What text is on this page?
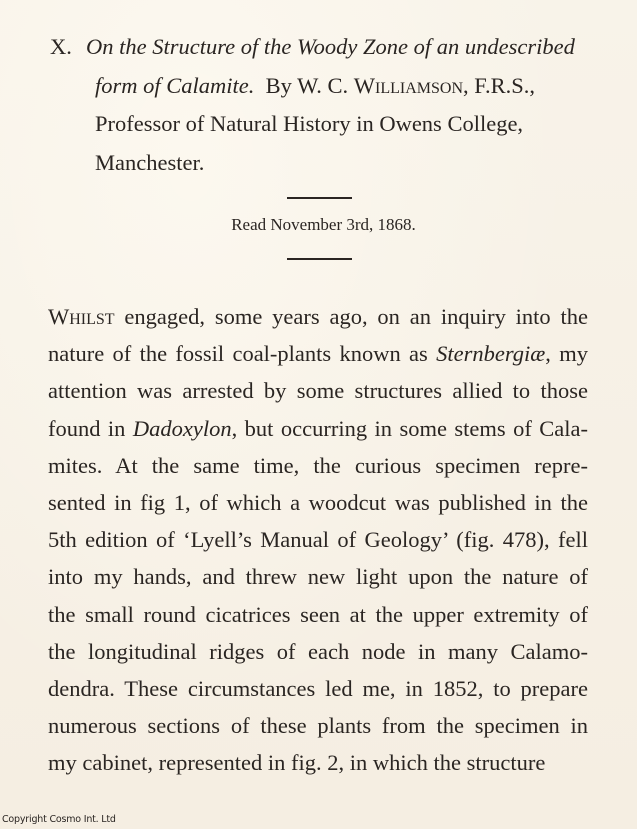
X. On the Structure of the Woody Zone of an undescribed
form of Calamite. By W. C. Williamson, F.R.S.,
Professor of Natural History in Owens College,
Manchester.
Read November 3rd, 1868.
Whilst engaged, some years ago, on an inquiry into the
nature of the fossil coal-plants known as Sternbergiæ, my
attention was arrested by some structures allied to those
found in Dadoxylon, but occurring in some stems of Cala-
mites. At the same time, the curious specimen repre-
sented in fig 1, of which a woodcut was published in the
5th edition of ‘Lyell’s Manual of Geology’ (fig. 478), fell
into my hands, and threw new light upon the nature of
the small round cicatrices seen at the upper extremity of
the longitudinal ridges of each node in many Calamo-
dendra. These circumstances led me, in 1852, to prepare
numerous sections of these plants from the specimen in
my cabinet, represented in fig. 2, in which the structure
Copyright Cosmo Int. Ltd
